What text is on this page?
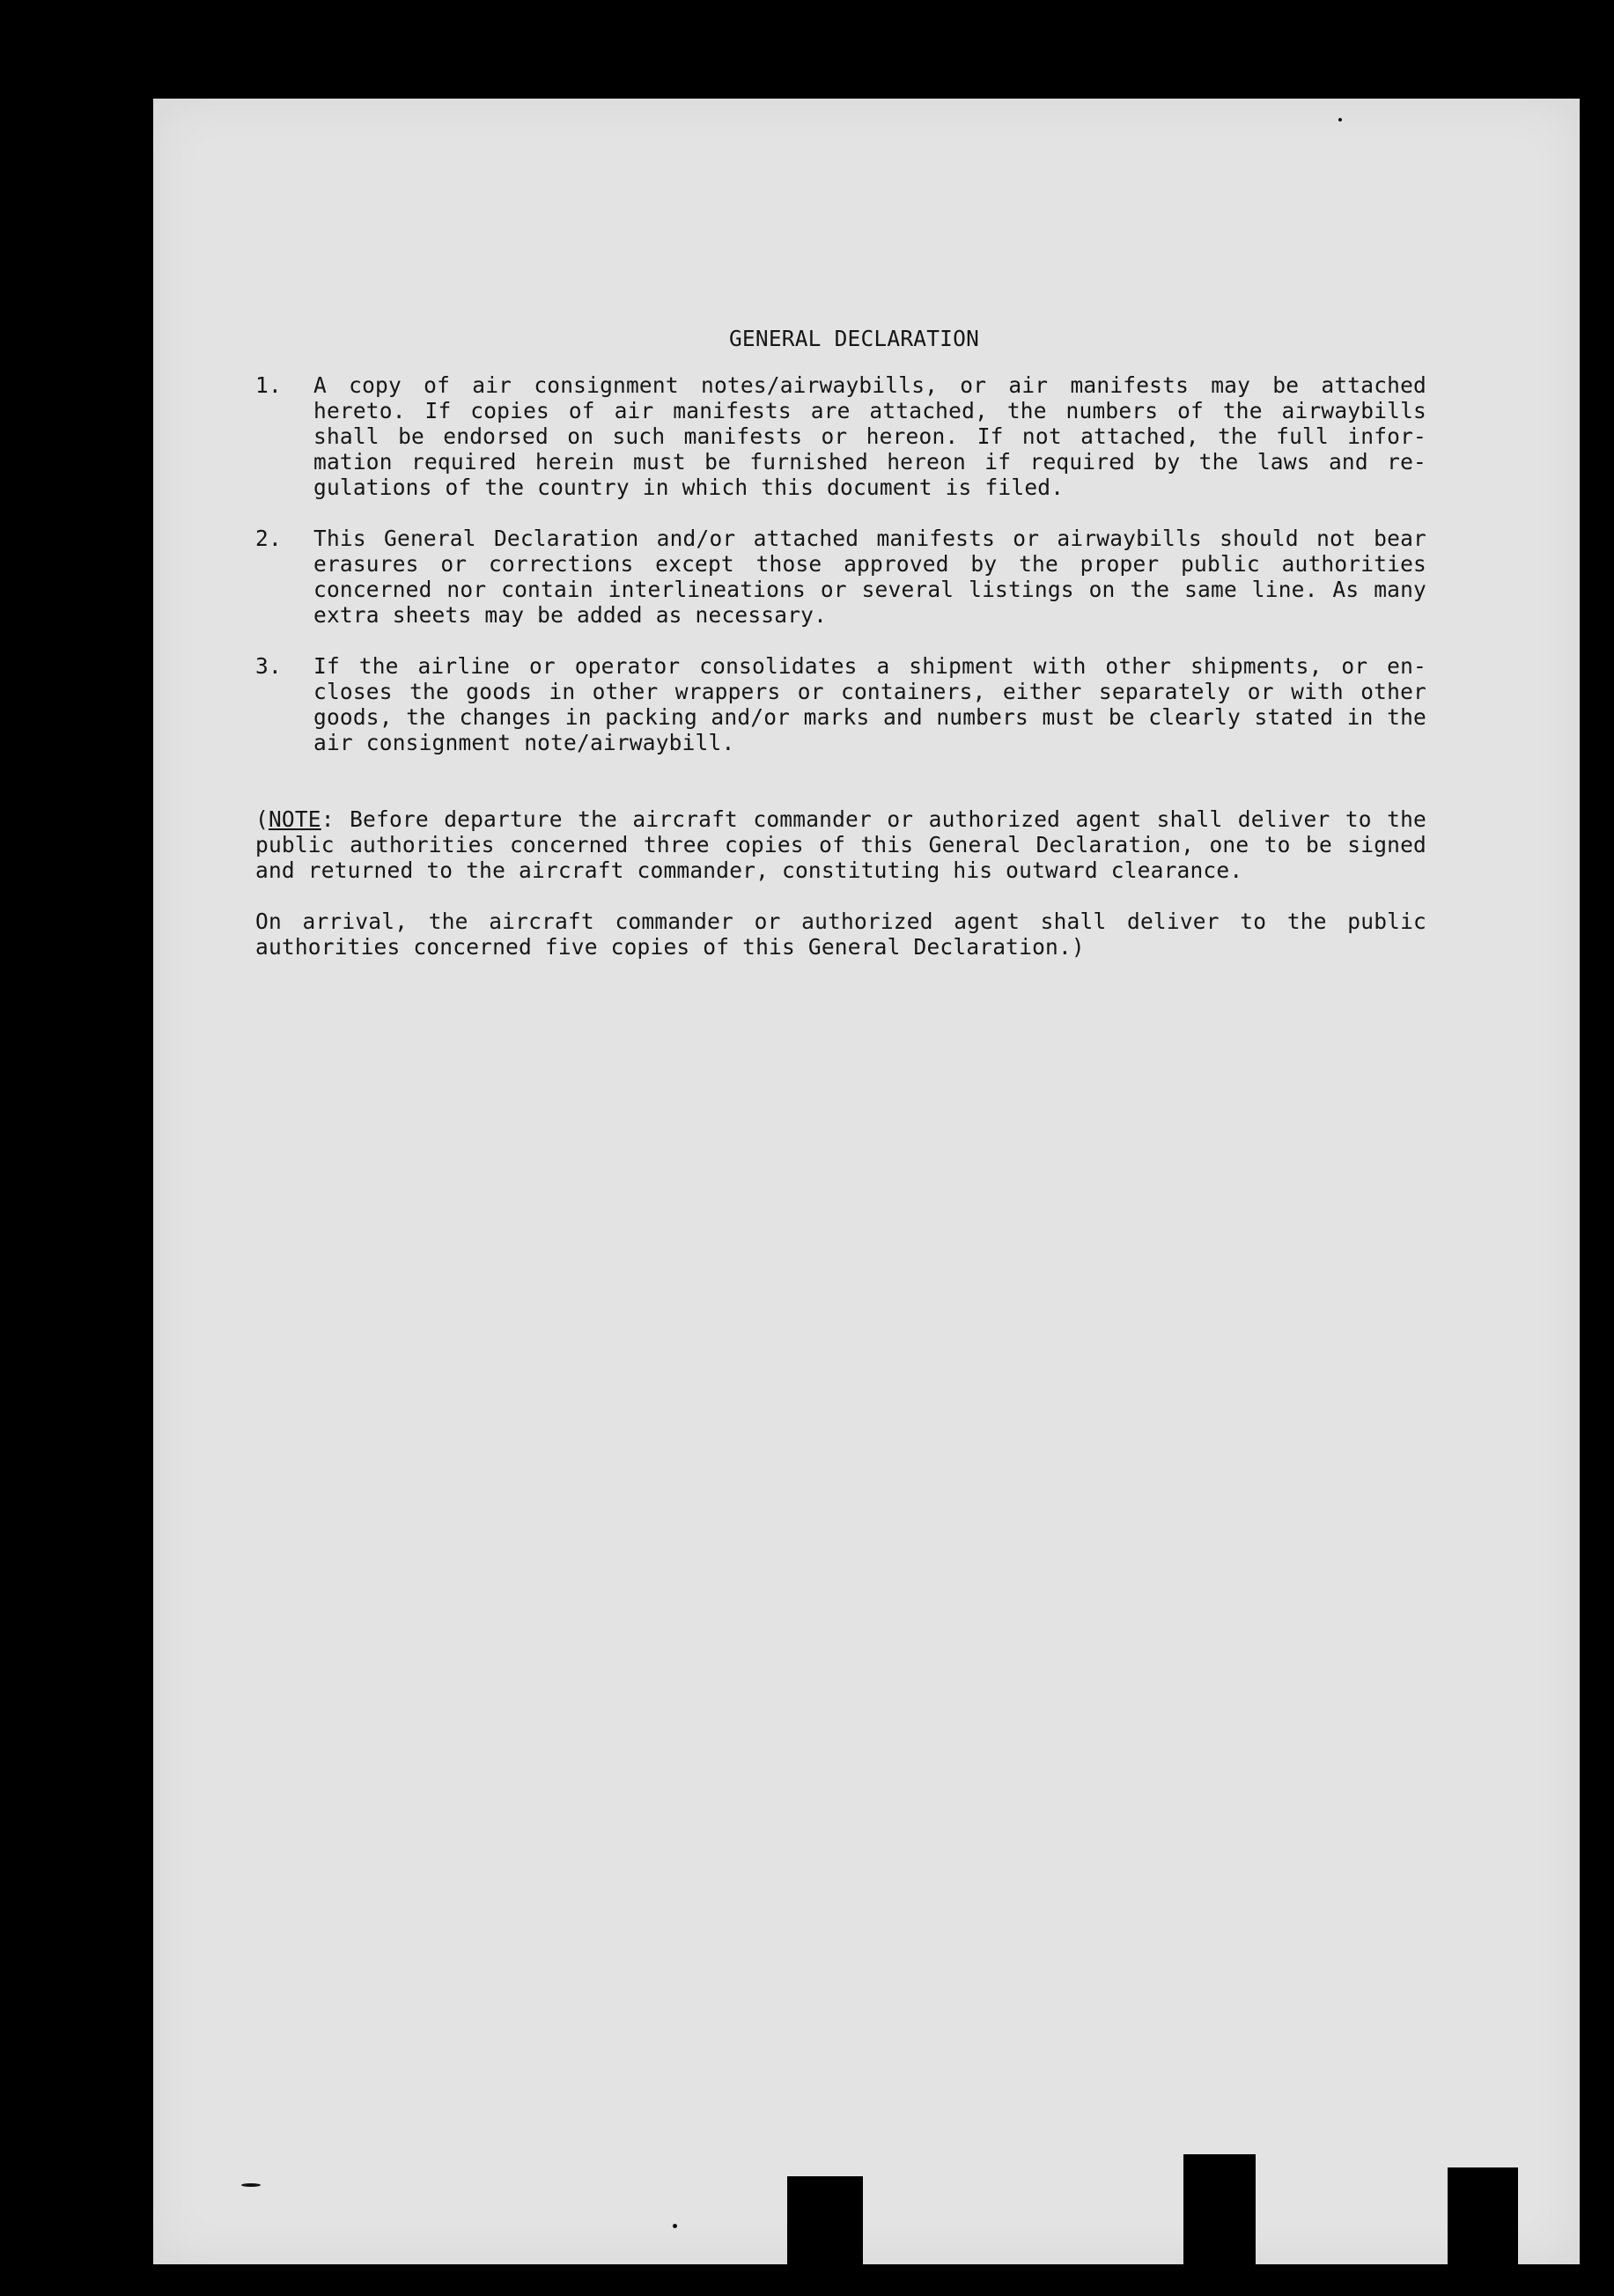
GENERAL DECLARATION
1.	A copy of air consignment notes/airwaybills, or air manifests may be attached hereto. If copies of air manifests are attached, the numbers of the airwaybills shall be endorsed on such manifests or hereon. If not attached, the full infor-mation required herein must be furnished hereon if required by the laws and re-gulations of the country in which this document is filed.
2.	This General Declaration and/or attached manifests or airwaybills should not bear erasures or corrections except those approved by the proper public authorities concerned nor contain interlineations or several listings on the same line. As many extra sheets may be added as necessary.
3.	If the airline or operator consolidates a shipment with other shipments, or en-closes the goods in other wrappers or containers, either separately or with other goods, the changes in packing and/or marks and numbers must be clearly stated in the air consignment note/airwaybill.
(NOTE: Before departure the aircraft commander or authorized agent shall deliver to the public authorities concerned three copies of this General Declaration, one to be signed and returned to the aircraft commander, constituting his outward clearance.
On arrival, the aircraft commander or authorized agent shall deliver to the public authorities concerned five copies of this General Declaration.)
